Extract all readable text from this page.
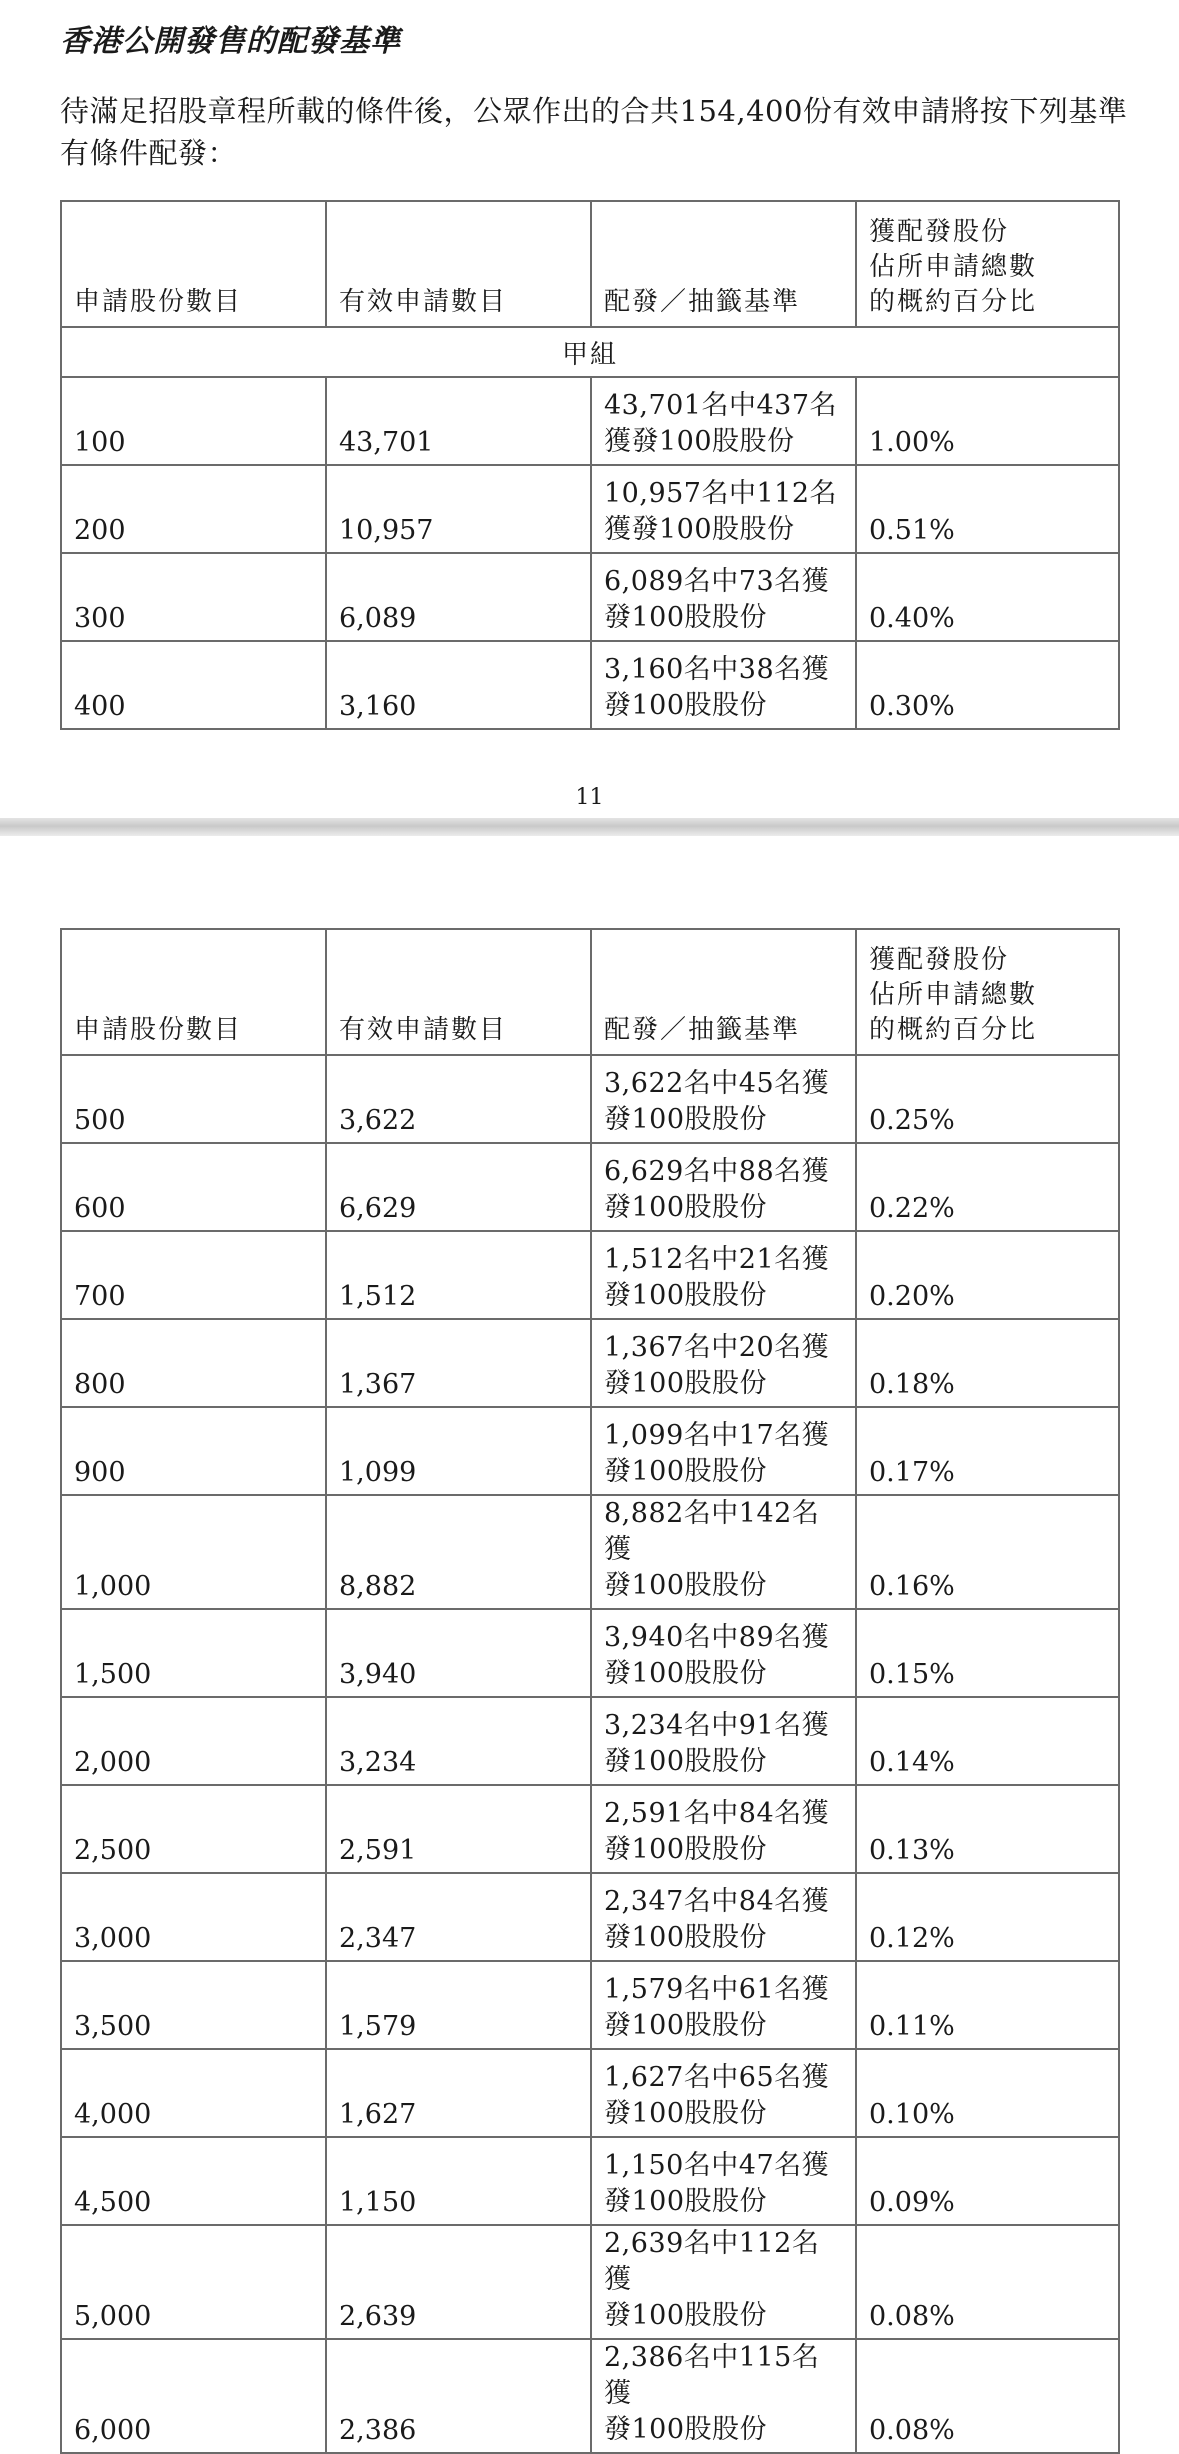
香港公開發售的配發基準
待滿足招股章程所載的條件後，公眾作出的合共154,400份有效申請將按下列基準
有條件配發：
申請股份數目	有效申請數目	配發／抽籤基準	獲配發股份
佔所申請總數
的概約百分比

甲組			
100	43,701	43,701名中437名
獲發100股股份	1.00%
200	10,957	10,957名中112名
獲發100股股份	0.51%
300	6,089	6,089名中73名獲
發100股股份	0.40%
400	3,160	3,160名中38名獲
發100股股份	0.30%
11
申請股份數目	有效申請數目	配發／抽籤基準	獲配發股份
佔所申請總數
的概約百分比

500	3,622	3,622名中45名獲
發100股股份	0.25%
600	6,629	6,629名中88名獲
發100股股份	0.22%
700	1,512	1,512名中21名獲
發100股股份	0.20%
800	1,367	1,367名中20名獲
發100股股份	0.18%
900	1,099	1,099名中17名獲
發100股股份	0.17%
1,000	8,882	8,882名中142名獲
發100股股份	0.16%
1,500	3,940	3,940名中89名獲
發100股股份	0.15%
2,000	3,234	3,234名中91名獲
發100股股份	0.14%
2,500	2,591	2,591名中84名獲
發100股股份	0.13%
3,000	2,347	2,347名中84名獲
發100股股份	0.12%
3,500	1,579	1,579名中61名獲
發100股股份	0.11%
4,000	1,627	1,627名中65名獲
發100股股份	0.10%
4,500	1,150	1,150名中47名獲
發100股股份	0.09%
5,000	2,639	2,639名中112名獲
發100股股份	0.08%
6,000	2,386	2,386名中115名獲
發100股股份	0.08%
